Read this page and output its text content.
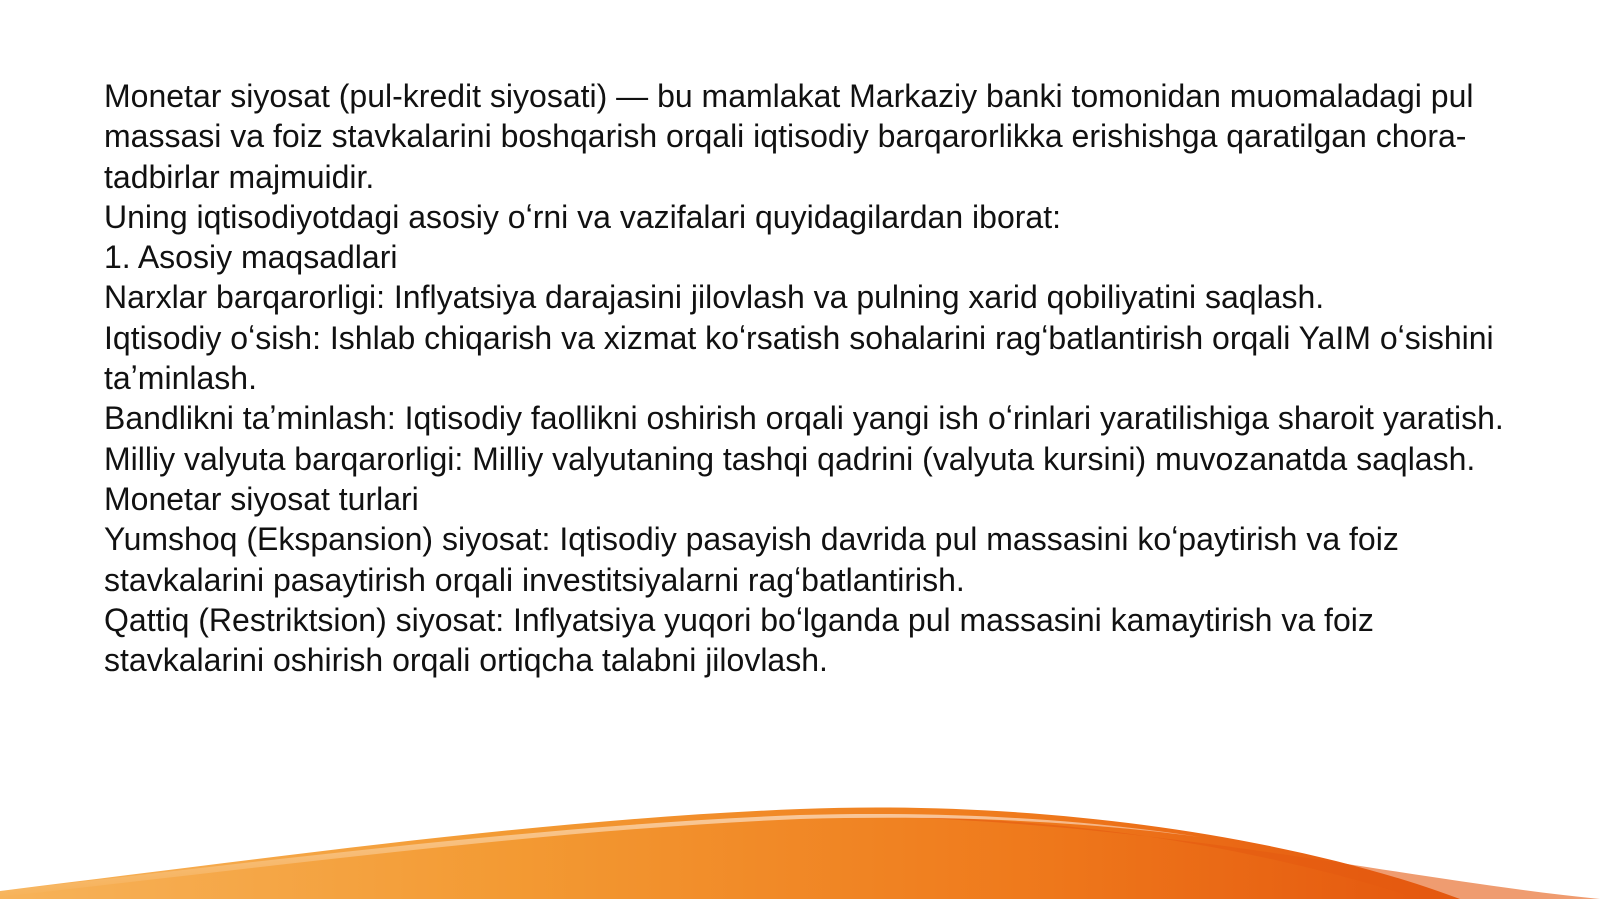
Monetar siyosat (pul-kredit siyosati) — bu mamlakat Markaziy banki tomonidan muomaladagi pul massasi va foiz stavkalarini boshqarish orqali iqtisodiy barqarorlikka erishishga qaratilgan chora-tadbirlar majmuidir.

Uning iqtisodiyotdagi asosiy oʻrni va vazifalari quyidagilardan iborat:

1. Asosiy maqsadlari

Narxlar barqarorligi: Inflyatsiya darajasini jilovlash va pulning xarid qobiliyatini saqlash.

Iqtisodiy oʻsish: Ishlab chiqarish va xizmat koʻrsatish sohalarini ragʻbatlantirish orqali YaIM oʻsishini taʼminlash.

Bandlikni taʼminlash: Iqtisodiy faollikni oshirish orqali yangi ish oʻrinlari yaratilishiga sharoit yaratish.

Milliy valyuta barqarorligi: Milliy valyutaning tashqi qadrini (valyuta kursini) muvozanatda saqlash.

Monetar siyosat turlari

Yumshoq (Ekspansion) siyosat: Iqtisodiy pasayish davrida pul massasini koʻpaytirish va foiz stavkalarini pasaytirish orqali investitsiyalarni ragʻbatlantirish.

Qattiq (Restriktsion) siyosat: Inflyatsiya yuqori boʻlganda pul massasini kamaytirish va foiz stavkalarini oshirish orqali ortiqcha talabni jilovlash.
